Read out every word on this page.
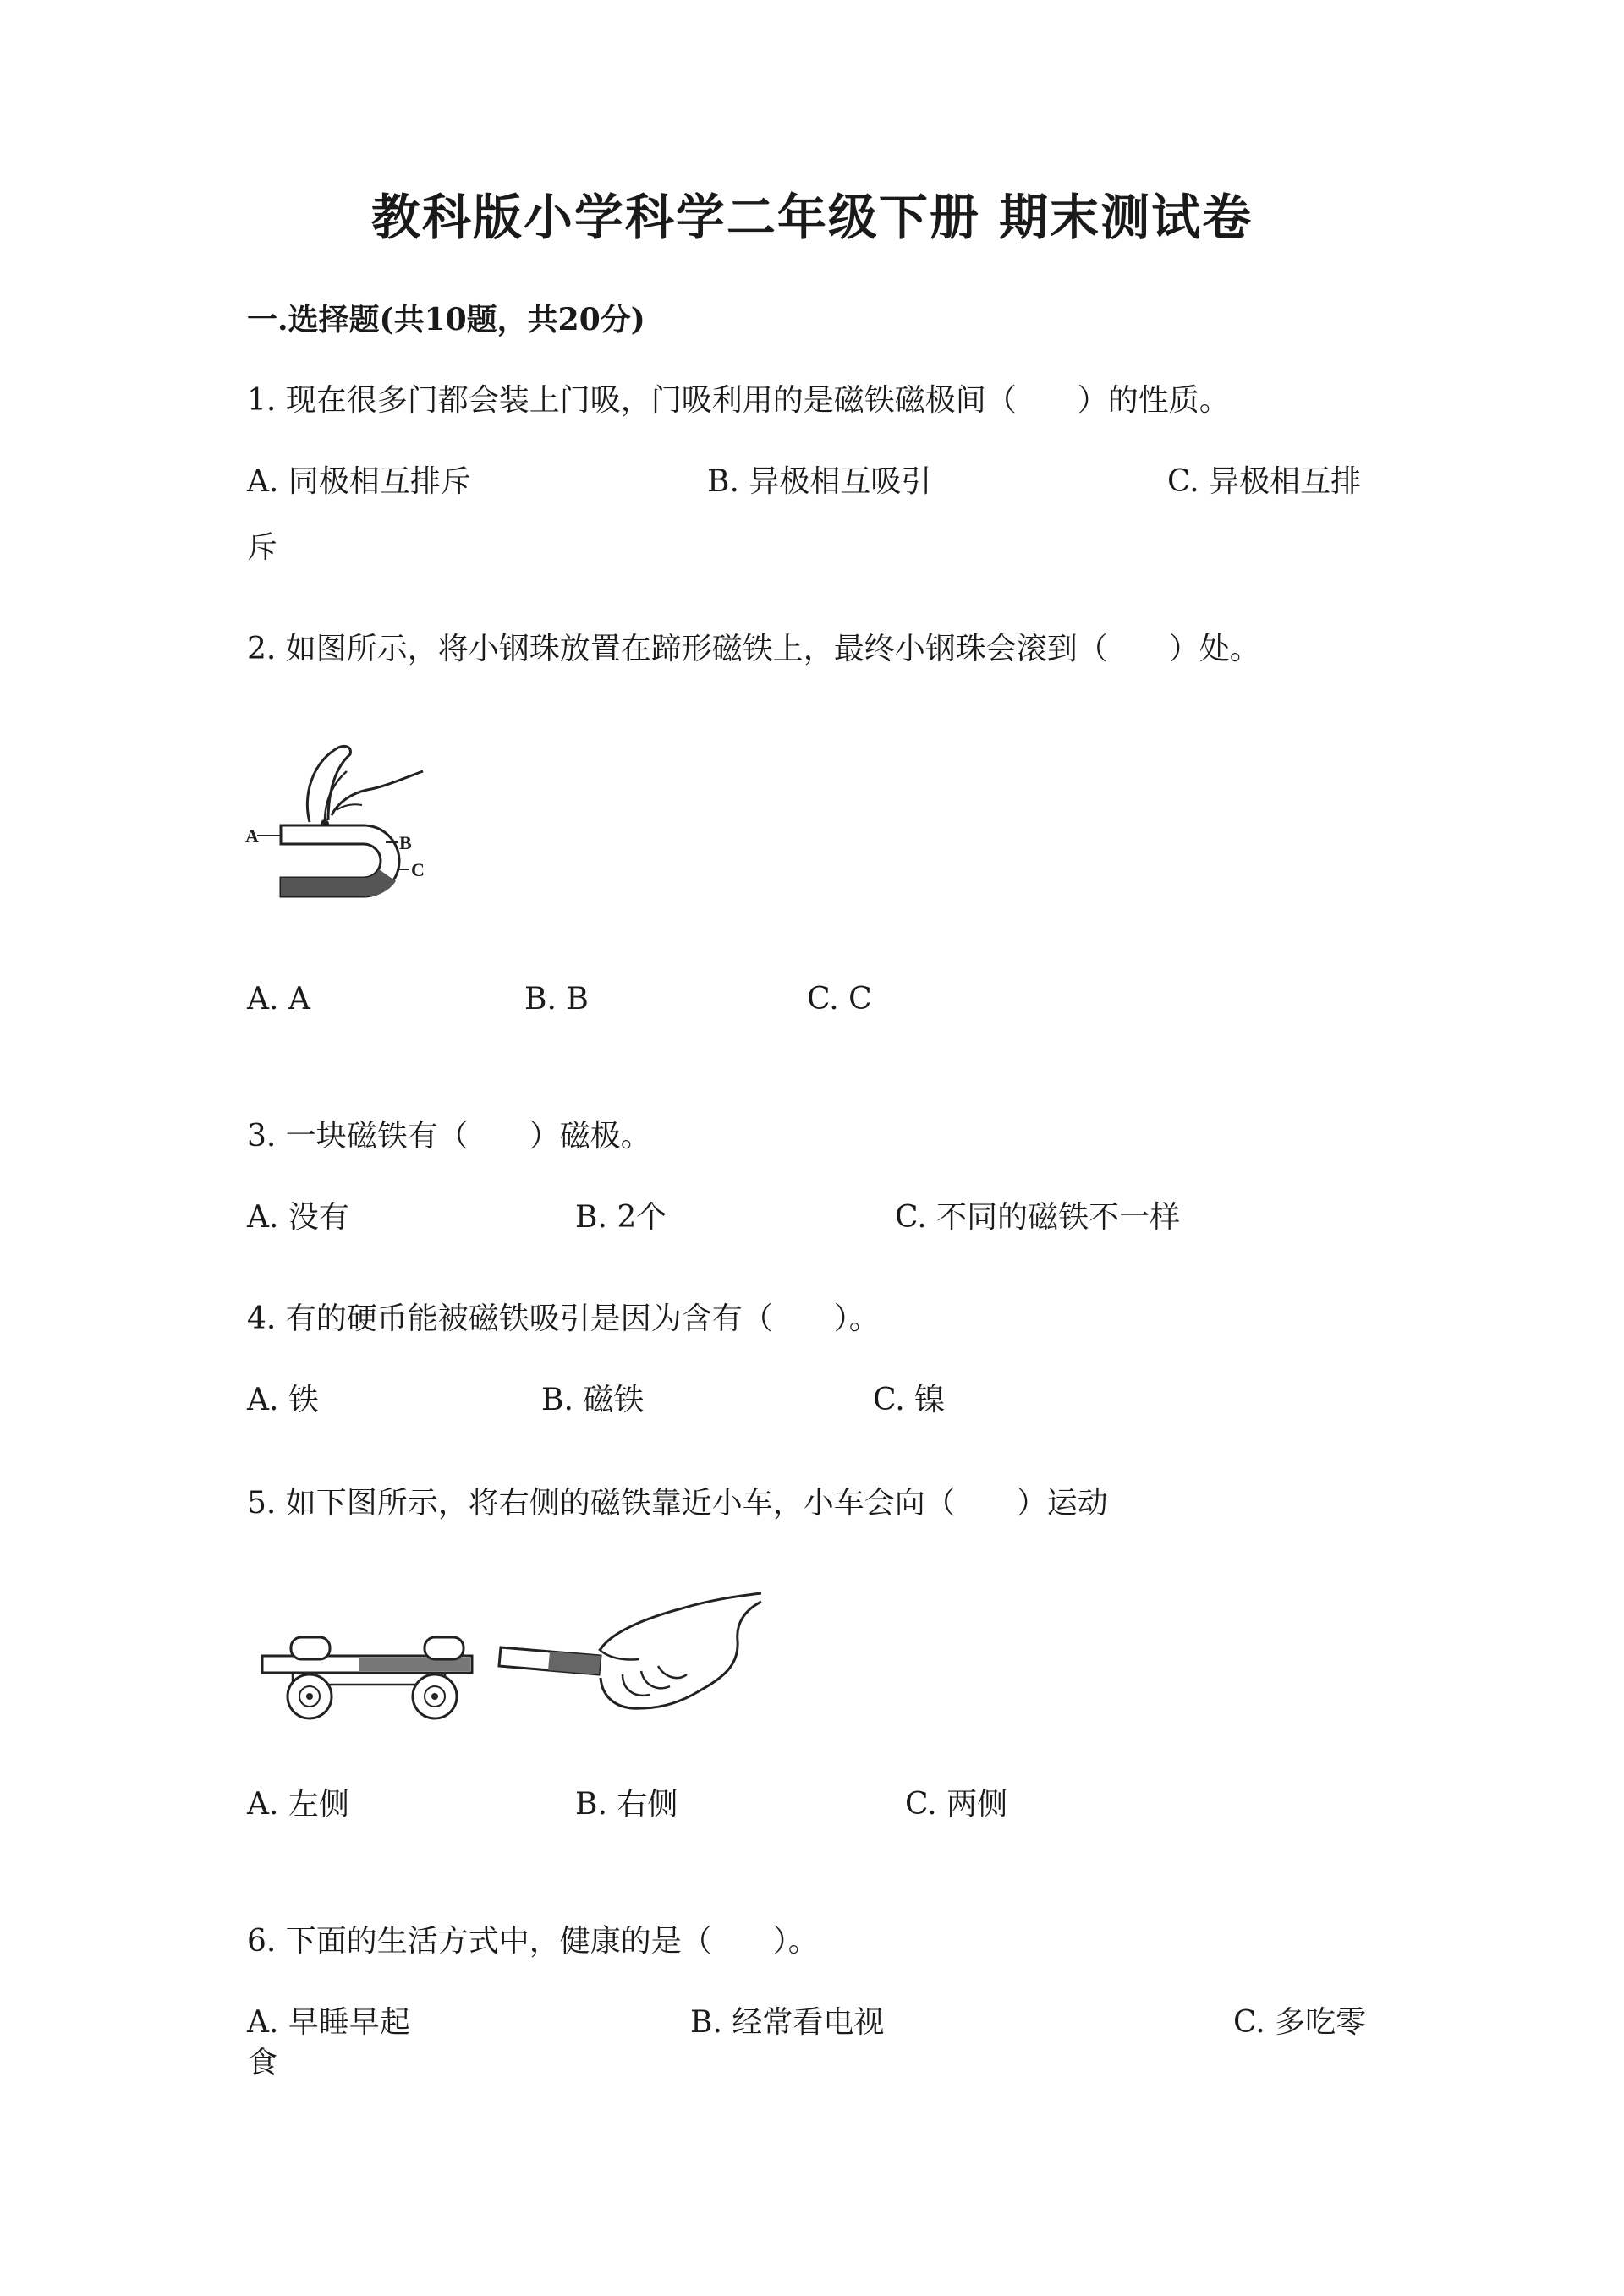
教科版小学科学二年级下册 期末测试卷
一.选择题(共10题，共20分)
1. 现在很多门都会装上门吸，门吸利用的是磁铁磁极间（　　）的性质。
A. 同极相互排斥	B. 异极相互吸引	C. 异极相互排
斥
2. 如图所示，将小钢珠放置在蹄形磁铁上，最终小钢珠会滚到（　　）处。
A	B
C
A. A	B. B	C. C
3. 一块磁铁有（　　）磁极。
A. 没有	B. 2个	C. 不同的磁铁不一样
4. 有的硬币能被磁铁吸引是因为含有（　　）。
A. 铁	B. 磁铁	C. 镍
5. 如下图所示，将右侧的磁铁靠近小车，小车会向（　　）运动
A. 左侧	B. 右侧	C. 两侧
6. 下面的生活方式中，健康的是（　　）。
A. 早睡早起	B. 经常看电视	C. 多吃零
食
